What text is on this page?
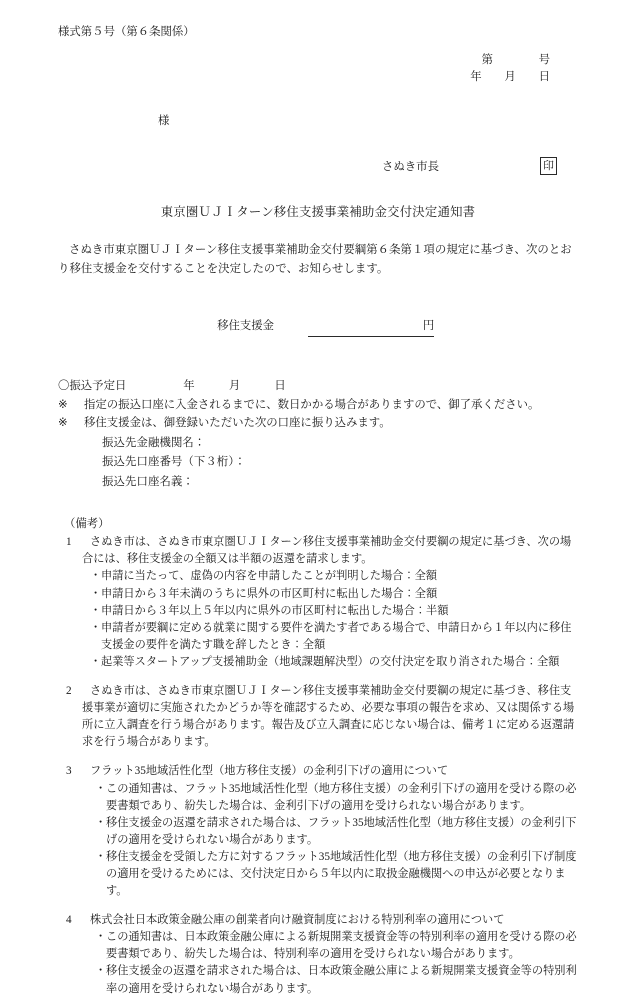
様式第５号（第６条関係）
第　　　　号
年　　月　　日
様
さぬき市長	印
東京圏ＵＪＩターン移住支援事業補助金交付決定通知書
さぬき市東京圏ＵＪＩターン移住支援事業補助金交付要綱第６条第１項の規定に基づき、次のとおり移住支援金を交付することを決定したので、お知らせします。

移住支援金　　　	円

〇振込予定日　　　　　年　　　月　　　日
※	指定の振込口座に入金されるまでに、数日かかる場合がありますので、御了承ください。
※	移住支援金は、御登録いただいた次の口座に振り込みます。
振込先金融機関名：
振込先口座番号（下３桁）：
振込先口座名義：
（備考）
1	さぬき市は、さぬき市東京圏ＵＪＩターン移住支援事業補助金交付要綱の規定に基づき、次の場合には、移住支援金の全額又は半額の返還を請求します。
・ 申請に当たって、虚偽の内容を申請したことが判明した場合：全額
・ 申請日から３年未満のうちに県外の市区町村に転出した場合：全額
・ 申請日から３年以上５年以内に県外の市区町村に転出した場合：半額
・ 申請者が要綱に定める就業に関する要件を満たす者である場合で、申請日から１年以内に移住支援金の要件を満たす職を辞したとき：全額
・ 起業等スタートアップ支援補助金（地域課題解決型）の交付決定を取り消された場合：全額
2	さぬき市は、さぬき市東京圏ＵＪＩターン移住支援事業補助金交付要綱の規定に基づき、移住支援事業が適切に実施されたかどうか等を確認するため、必要な事項の報告を求め、又は関係する場所に立入調査を行う場合があります。報告及び立入調査に応じない場合は、備考１に定める返還請求を行う場合があります。
3	フラット35地域活性化型（地方移住支援）の金利引下げの適用について
・ この通知書は、フラット35地域活性化型（地方移住支援）の金利引下げの適用を受ける際の必要書類であり、紛失した場合は、金利引下げの適用を受けられない場合があります。
・ 移住支援金の返還を請求された場合は、フラット35地域活性化型（地方移住支援）の金利引下げの適用を受けられない場合があります。
・ 移住支援金を受領した方に対するフラット35地域活性化型（地方移住支援）の金利引下げ制度の適用を受けるためには、交付決定日から５年以内に取扱金融機関への申込が必要となります。
4	株式会社日本政策金融公庫の創業者向け融資制度における特別利率の適用について
・ この通知書は、日本政策金融公庫による新規開業支援資金等の特別利率の適用を受ける際の必要書類であり、紛失した場合は、特別利率の適用を受けられない場合があります。
・ 移住支援金の返還を請求された場合は、日本政策金融公庫による新規開業支援資金等の特別利率の適用を受けられない場合があります。
